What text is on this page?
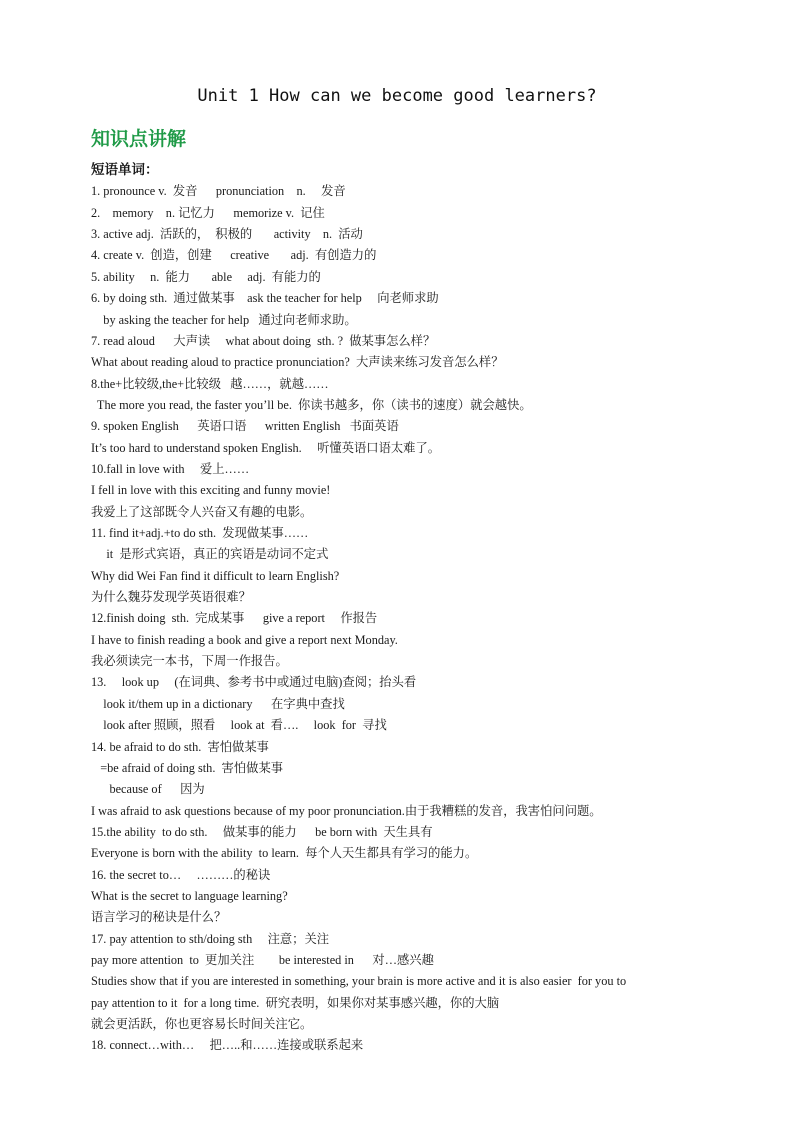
Unit 1 How can we become good learners?
知识点讲解
短语单词：
1. pronounce v.  发音      pronunciation    n.     发音
2.    memory    n. 记忆力      memorize v.  记住
3. active adj.  活跃的，  积极的       activity    n.  活动
4. create v.  创造，创建      creative       adj.  有创造力的
5. ability     n.  能力       able     adj.  有能力的
6. by doing sth.  通过做某事    ask the teacher for help     向老师求助
by asking the teacher for help   通过向老师求助。
7. read aloud      大声读     what about doing  sth. ?  做某事怎么样？
What about reading aloud to practice pronunciation?  大声读来练习发音怎么样？
8.the+比较级,the+比较级   越……，就越……
The more you read, the faster you’ll be.  你读书越多，你（读书的速度）就会越快。
9. spoken English      英语口语      written English   书面英语
It’s too hard to understand spoken English.     听懂英语口语太难了。
10.fall in love with     爱上……
I fell in love with this exciting and funny movie!
我爱上了这部既令人兴奋又有趣的电影。
11. find it+adj.+to do sth.  发现做某事……
it  是形式宾语，真正的宾语是动词不定式
Why did Wei Fan find it difficult to learn English?
为什么魏芬发现学英语很难？
12.finish doing  sth.  完成某事      give a report     作报告
I have to finish reading a book and give a report next Monday.
我必须读完一本书，下周一作报告。
13.     look up     (在词典、参考书中或通过电脑)查阅；抬头看
look it/them up in a dictionary      在字典中查找
look after 照顾，照看     look at  看….     look  for  寻找
14. be afraid to do sth.  害怕做某事
=be afraid of doing sth.  害怕做某事
because of      因为
I was afraid to ask questions because of my poor pronunciation.由于我糟糕的发音，我害怕问问题。
15.the ability  to do sth.     做某事的能力      be born with  天生具有
Everyone is born with the ability  to learn.  每个人天生都具有学习的能力。
16. the secret to…     ………的秘诀
What is the secret to language learning?
语言学习的秘诀是什么？
17. pay attention to sth/doing sth     注意；关注
pay more attention  to  更加关注        be interested in      对…感兴趣
Studies show that if you are interested in something, your brain is more active and it is also easier  for you to
pay attention to it  for a long time.  研究表明，如果你对某事感兴趣，你的大脑
就会更活跃，你也更容易长时间关注它。
18. connect…with…     把…..和……连接或联系起来
